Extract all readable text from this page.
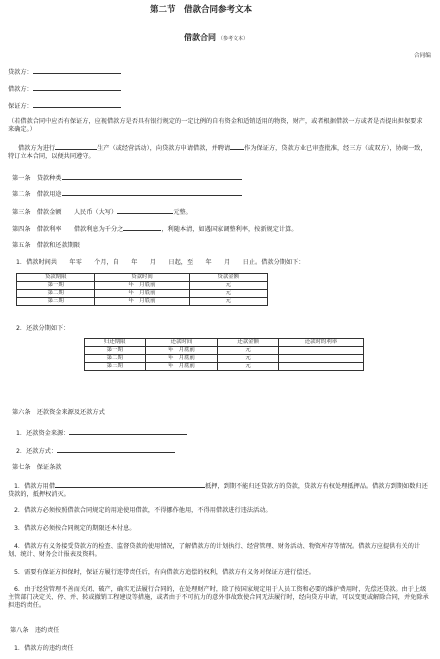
第二节　借款合同参考文本
借款合同 （参考文本）
合同编
贷款方：
借款方：
保证方：
（若借款合同中应否有保证方，应视借款方是否具有银行规定的一定比例的自有资金和适销适用的物资，财产，或者根据借款一方或者是否提出担保要求来确定。）
借款方为进行	生产（或经营活动），向贷款方申请借款，并聘请 作为保证方，贷款方业已审查批准，经三方（或双方），协商一致，
特订立本合同，以便共同遵守。
第一条　贷款种类
第二条　借款用途
第三条　借款金额　　人民币（大写）	元整。
第四条　借款利率　　借款利息为千分之	，利随本清，如遇国家调整利率，按新规定计算。
第五条　借款和还款期限
1．借款时间共　　年零　　个月，自　　年　　月　　日起，至　　年　　月　　日止。借款分期如下：
贷款期限	贷款时间	贷款金额
第一期	年　月底前	元
第二期	年　月底前	元
第三期	年　月底前	元
2．还款分期如下：
归还期限	还款时间	还款金额	还款时的利率
第一期	年　月底前	元	
第二期	年　月底前	元	
第三期	年　月底前	元	
第六条　还款资金来源及还款方式
1．还款资金来源：
2．还款方式：
第七条　保证条款
1．借款方用借	抵押，到期不能归还贷款方的贷款，贷款方有权处理抵押品。借款方到期如数归还贷款的，抵押权消灭。
2．借款方必须按照借款合同规定的用途使用借款，不得挪作他用，不得用借款进行违法活动。
3．借款方必须按合同规定的期限还本付息。
4．借款方有义务接受贷款方的检查、监督贷款的使用情况，了解借款方的计划执行、经营管理、财务活动、物资库存等情况。借款方应提供有关的计划、统计、财务会计报表及资料。
5．需要有保证方担保时，保证方履行连带责任后，有向借款方追偿的权利，借款方有义务对保证方进行偿还。
6．由于经营管理不善而关闭、破产，确实无法履行合同的，在处理财产时，除了按国家规定用于人员工资和必要的维护费用时，先偿还贷款。由于上级主管部门决定关、停、并、转或撤销工程建设等措施，或者由于不可抗力的意外事故致使合同无法履行时，经向贷方申请，可以变更或解除合同，并免除承担违约责任。
第八条　违约责任
1．借款方的违约责任
